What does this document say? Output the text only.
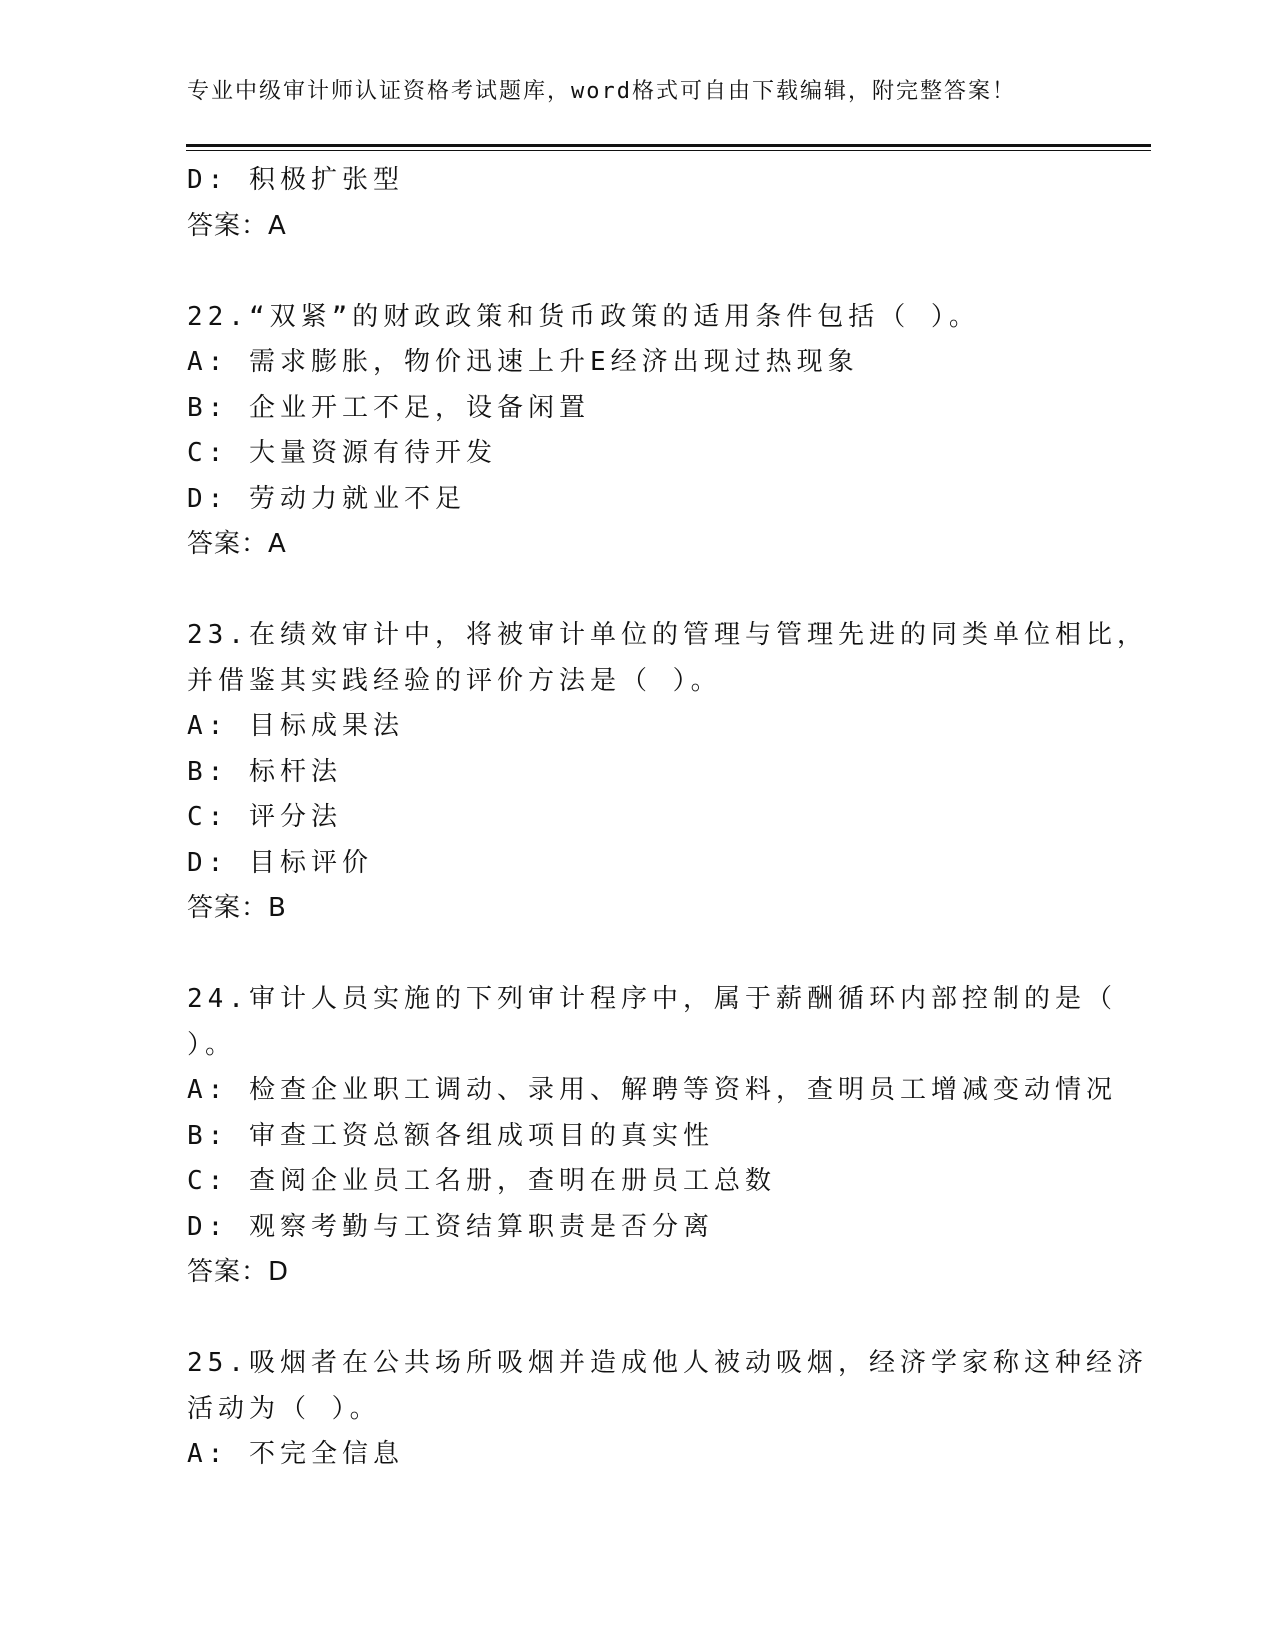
专业中级审计师认证资格考试题库，word格式可自由下载编辑，附完整答案！
D: 积极扩张型
答案：A
22.“双紧”的财政政策和货币政策的适用条件包括（ ）。
A: 需求膨胀，物价迅速上升E经济出现过热现象
B: 企业开工不足，设备闲置
C: 大量资源有待开发
D: 劳动力就业不足
答案：A
23.在绩效审计中，将被审计单位的管理与管理先进的同类单位相比，
并借鉴其实践经验的评价方法是（ ）。
A: 目标成果法
B: 标杆法
C: 评分法
D: 目标评价
答案：B
24.审计人员实施的下列审计程序中，属于薪酬循环内部控制的是（
）。
A: 检查企业职工调动、录用、解聘等资料，查明员工增减变动情况
B: 审查工资总额各组成项目的真实性
C: 查阅企业员工名册，查明在册员工总数
D: 观察考勤与工资结算职责是否分离
答案：D
25.吸烟者在公共场所吸烟并造成他人被动吸烟，经济学家称这种经济
活动为（ ）。
A: 不完全信息
